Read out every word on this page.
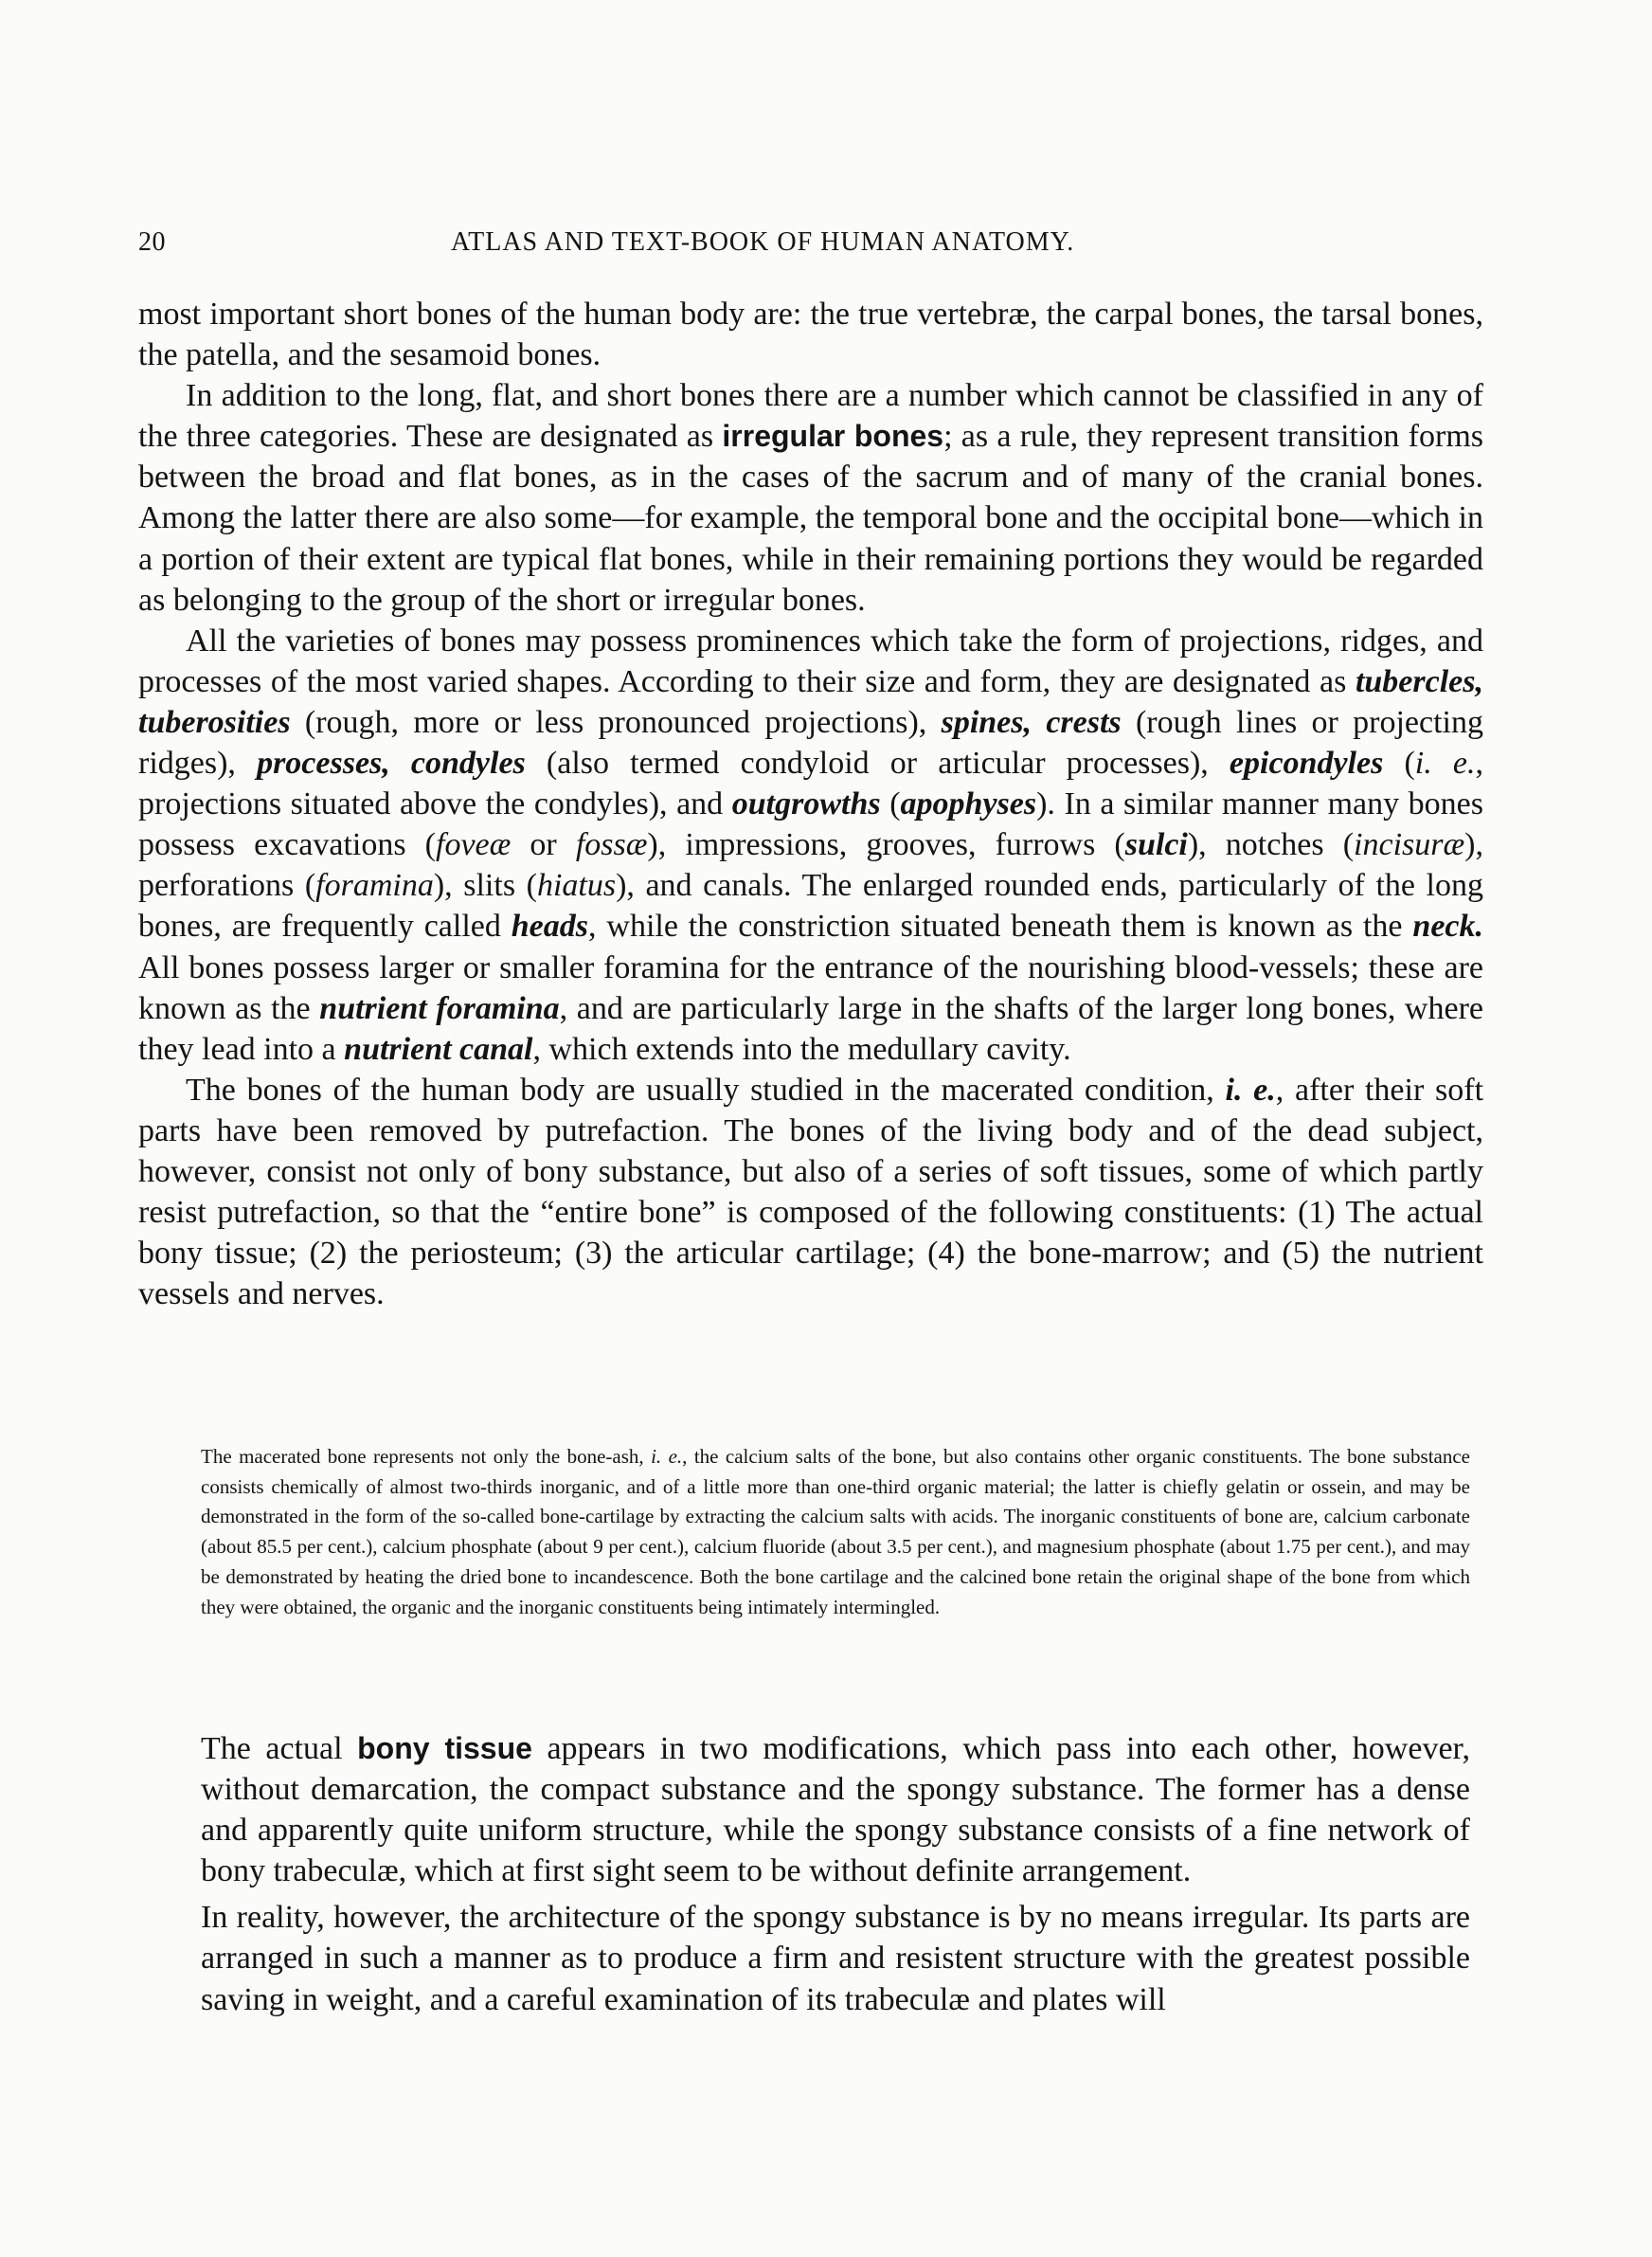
20	ATLAS AND TEXT-BOOK OF HUMAN ANATOMY.

most important short bones of the human body are: the true vertebræ, the carpal bones, the tarsal bones, the patella, and the sesamoid bones.

In addition to the long, flat, and short bones there are a number which cannot be classified in any of the three categories. These are designated as irregular bones; as a rule, they represent transition forms between the broad and flat bones, as in the cases of the sacrum and of many of the cranial bones. Among the latter there are also some—for example, the temporal bone and the occipital bone—which in a portion of their extent are typical flat bones, while in their remaining portions they would be regarded as belonging to the group of the short or irregular bones.

All the varieties of bones may possess prominences which take the form of projections, ridges, and processes of the most varied shapes. According to their size and form, they are designated as tubercles, tuberosities (rough, more or less pronounced projections), spines, crests (rough lines or projecting ridges), processes, condyles (also termed condyloid or articular processes), epicondyles (i. e., projections situated above the condyles), and outgrowths (apophyses). In a similar manner many bones possess excavations (foveæ or fossæ), impressions, grooves, furrows (sulci), notches (incisuræ), perforations (foramina), slits (hiatus), and canals. The enlarged rounded ends, particularly of the long bones, are frequently called heads, while the constriction situated beneath them is known as the neck. All bones possess larger or smaller foramina for the entrance of the nourishing blood-vessels; these are known as the nutrient foramina, and are particularly large in the shafts of the larger long bones, where they lead into a nutrient canal, which extends into the medullary cavity.

The bones of the human body are usually studied in the macerated condition, i. e., after their soft parts have been removed by putrefaction. The bones of the living body and of the dead subject, however, consist not only of bony substance, but also of a series of soft tissues, some of which partly resist putrefaction, so that the “entire bone” is composed of the following constituents: (1) The actual bony tissue; (2) the periosteum; (3) the articular cartilage; (4) the bone-marrow; and (5) the nutrient vessels and nerves.

The macerated bone represents not only the bone-ash, i. e., the calcium salts of the bone, but also contains other organic constituents. The bone substance consists chemically of almost two-thirds inorganic, and of a little more than one-third organic material; the latter is chiefly gelatin or ossein, and may be demonstrated in the form of the so-called bone-cartilage by extracting the calcium salts with acids. The inorganic constituents of bone are, calcium carbonate (about 85.5 per cent.), calcium phosphate (about 9 per cent.), calcium fluoride (about 3.5 per cent.), and magnesium phosphate (about 1.75 per cent.), and may be demonstrated by heating the dried bone to incandescence. Both the bone cartilage and the calcined bone retain the original shape of the bone from which they were obtained, the organic and the inorganic constituents being intimately intermingled.

The actual bony tissue appears in two modifications, which pass into each other, however, without demarcation, the compact substance and the spongy substance. The former has a dense and apparently quite uniform structure, while the spongy substance consists of a fine network of bony trabeculæ, which at first sight seem to be without definite arrangement.

In reality, however, the architecture of the spongy substance is by no means irregular. Its parts are arranged in such a manner as to produce a firm and resistent structure with the greatest possible saving in weight, and a careful examination of its trabeculæ and plates will
